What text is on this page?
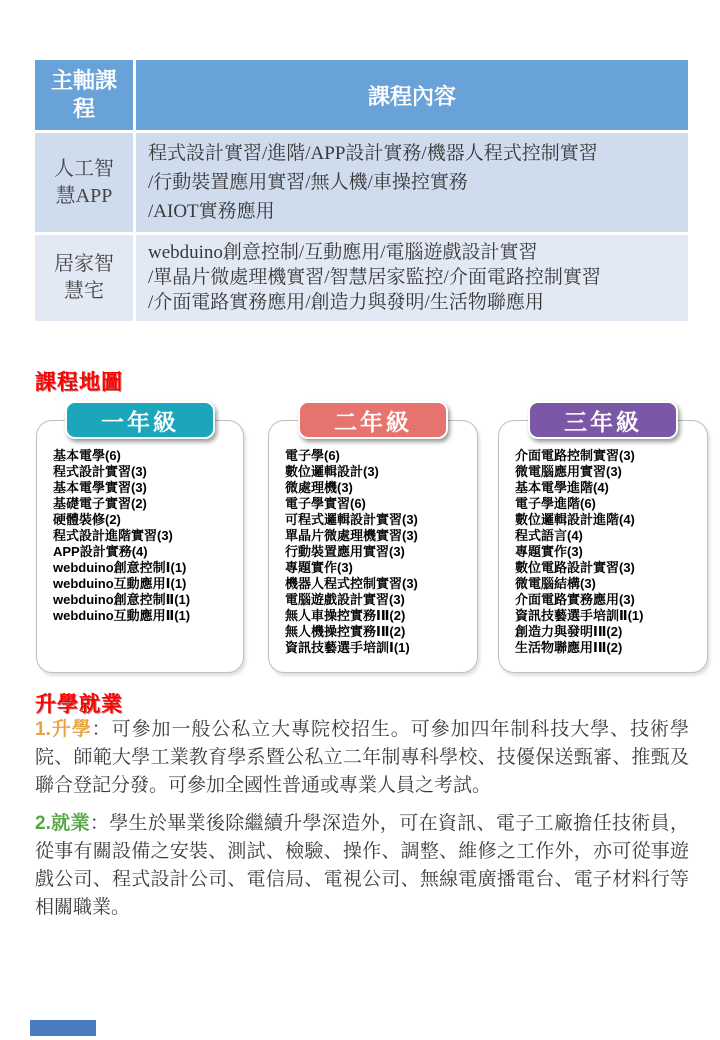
主軸課程	課程內容
人工智
慧APP
程式設計實習/進階/APP設計實務/機器人程式控制實習
/行動裝置應用實習/無人機/車操控實務
/AIOT實務應用
居家智
慧宅
webduino創意控制/互動應用/電腦遊戲設計實習
/單晶片微處理機實習/智慧居家監控/介面電路控制實習
/介面電路實務應用/創造力與發明/生活物聯應用
課程地圖
一年級
基本電學(6)
程式設計實習(3)
基本電學實習(3)
基礎電子實習(2)
硬體裝修(2)
程式設計進階實習(3)
APP設計實務(4)
webduino創意控制Ⅰ(1)
webduino互動應用Ⅰ(1)
webduino創意控制Ⅱ(1)
webduino互動應用Ⅱ(1)
二年級
電子學(6)
數位邏輯設計(3)
微處理機(3)
電子學實習(6)
可程式邏輯設計實習(3)
單晶片微處理機實習(3)
行動裝置應用實習(3)
專題實作(3)
機器人程式控制實習(3)
電腦遊戲設計實習(3)
無人車操控實務ⅠⅡ(2)
無人機操控實務ⅠⅡ(2)
資訊技藝選手培訓Ⅰ(1)
三年級
介面電路控制實習(3)
微電腦應用實習(3)
基本電學進階(4)
電子學進階(6)
數位邏輯設計進階(4)
程式語言(4)
專題實作(3)
數位電路設計實習(3)
微電腦結構(3)
介面電路實務應用(3)
資訊技藝選手培訓Ⅱ(1)
創造力與發明ⅠⅡ(2)
生活物聯應用ⅠⅡ(2)
升學就業
1.升學：可參加一般公私立大專院校招生。可參加四年制科技大學、技術學院、師範大學工業教育學系暨公私立二年制專科學校、技優保送甄審、推甄及聯合登記分發。可參加全國性普通或專業人員之考試。
2.就業：學生於畢業後除繼續升學深造外，可在資訊、電子工廠擔任技術員，從事有關設備之安裝、測試、檢驗、操作、調整、維修之工作外，亦可從事遊戲公司、程式設計公司、電信局、電視公司、無線電廣播電台、電子材料行等相關職業。
